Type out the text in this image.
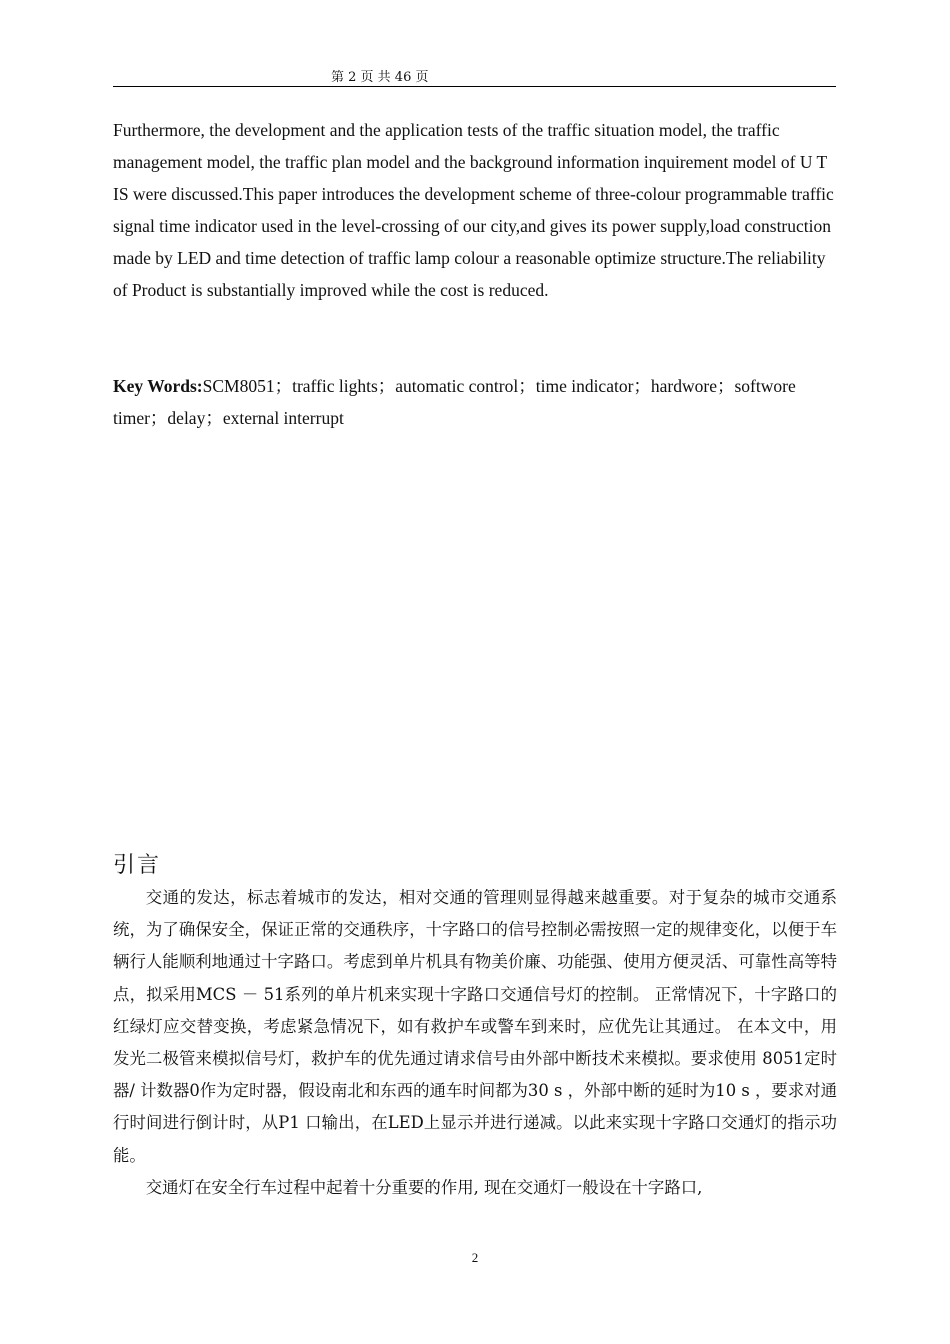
第 2 页 共 46 页

Furthermore, the development and the application tests of the traffic situation model, the traffic management model, the traffic plan model and the background information inquirement model of U T IS were discussed.This paper introduces the development scheme of three-colour programmable traffic signal time indicator used in the level-crossing of our city,and gives its power supply,load construction made by LED and time detection of traffic lamp colour a reasonable optimize structure.The reliability of Product is substantially improved while the cost is reduced.

Key Words:SCM8051；traffic lights；automatic control；time indicator；hardwore；softwore timer；delay；external interrupt
引言

交通的发达，标志着城市的发达，相对交通的管理则显得越来越重要。对于复杂的城市交通系统，为了确保安全，保证正常的交通秩序，十字路口的信号控制必需按照一定的规律变化，以便于车辆行人能顺利地通过十字路口。考虑到单片机具有物美价廉、功能强、使用方便灵活、可靠性高等特点，拟采用MCS － 51系列的单片机来实现十字路口交通信号灯的控制。 正常情况下，十字路口的红绿灯应交替变换，考虑紧急情况下，如有救护车或警车到来时，应优先让其通过。 在本文中，用发光二极管来模拟信号灯，救护车的优先通过请求信号由外部中断技术来模拟。要求使用 8051定时器/ 计数器0作为定时器，假设南北和东西的通车时间都为30 s ，外部中断的延时为10 s ，要求对通行时间进行倒计时，从P1 口输出，在LED上显示并进行递减。以此来实现十字路口交通灯的指示功能。

交通灯在安全行车过程中起着十分重要的作用, 现在交通灯一般设在十字路口,

2
